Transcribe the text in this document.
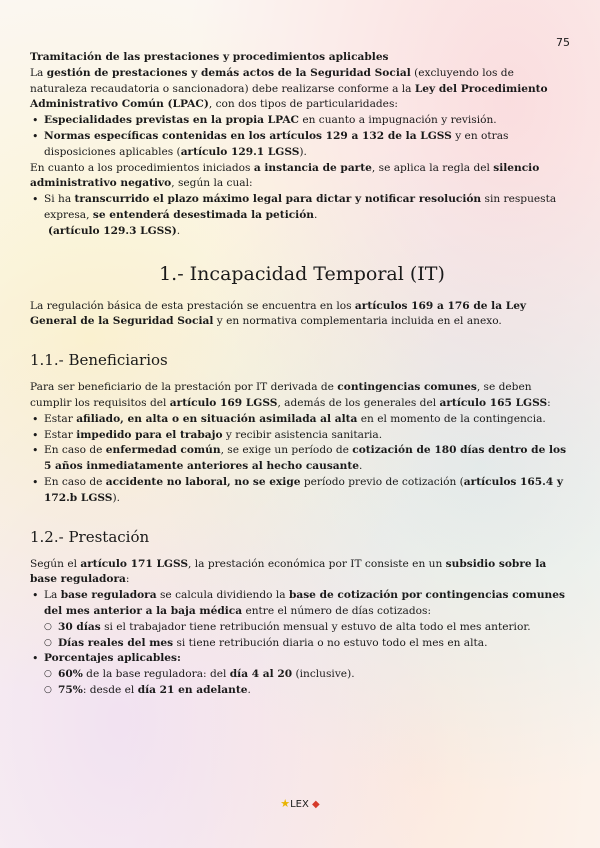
75

Tramitación de las prestaciones y procedimientos aplicables

La gestión de prestaciones y demás actos de la Seguridad Social (excluyendo los de naturaleza recaudatoria o sancionadora) debe realizarse conforme a la Ley del Procedimiento Administrativo Común (LPAC), con dos tipos de particularidades:

• Especialidades previstas en la propia LPAC en cuanto a impugnación y revisión.
• Normas específicas contenidas en los artículos 129 a 132 de la LGSS y en otras disposiciones aplicables (artículo 129.1 LGSS).

En cuanto a los procedimientos iniciados a instancia de parte, se aplica la regla del silencio administrativo negativo, según la cual:

• Si ha transcurrido el plazo máximo legal para dictar y notificar resolución sin respuesta expresa, se entenderá desestimada la petición.

(artículo 129.3 LGSS).

1.- Incapacidad Temporal (IT)

La regulación básica de esta prestación se encuentra en los artículos 169 a 176 de la Ley General de la Seguridad Social y en normativa complementaria incluida en el anexo.

1.1.- Beneficiarios

Para ser beneficiario de la prestación por IT derivada de contingencias comunes, se deben cumplir los requisitos del artículo 169 LGSS, además de los generales del artículo 165 LGSS:

• Estar afiliado, en alta o en situación asimilada al alta en el momento de la contingencia.
• Estar impedido para el trabajo y recibir asistencia sanitaria.
• En caso de enfermedad común, se exige un período de cotización de 180 días dentro de los 5 años inmediatamente anteriores al hecho causante.
• En caso de accidente no laboral, no se exige período previo de cotización (artículos 165.4 y 172.b LGSS).
1.2.- Prestación

Según el artículo 171 LGSS, la prestación económica por IT consiste en un subsidio sobre la base reguladora:

• La base reguladora se calcula dividiendo la base de cotización por contingencias comunes del mes anterior a la baja médica entre el número de días cotizados:
○ 30 días si el trabajador tiene retribución mensual y estuvo de alta todo el mes anterior.
○ Días reales del mes si tiene retribución diaria o no estuvo todo el mes en alta.
• Porcentajes aplicables:
○ 60% de la base reguladora: del día 4 al 20 (inclusive).
○ 75%: desde el día 21 en adelante.
★LEX ◆
